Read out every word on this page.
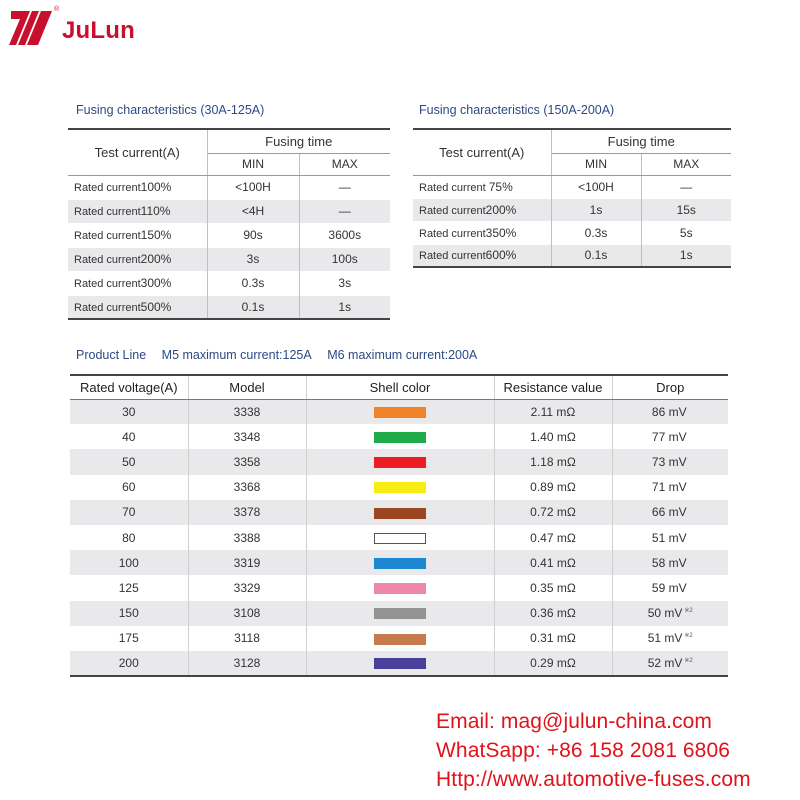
®
JuLun
Fusing characteristics (30A-125A)
Test current(A)	Fusing time	
	MIN	MAX
Rated current100%	<100H	—
Rated current110%	<4H	—
Rated current150%	90s	3600s
Rated current200%	3s	100s
Rated current300%	0.3s	3s
Rated current500%	0.1s	1s
Fusing characteristics (150A-200A)
Test current(A)	Fusing time	
	MIN	MAX
Rated current 75%	<100H	—
Rated current200%	1s	15s
Rated current350%	0.3s	5s
Rated current600%	0.1s	1s
Product Line M5 maximum current:125A M6 maximum current:200A
Rated voltage(A)	Model	Shell color	Resistance value	Drop
30	3338		2.11 mΩ	86 mV
40	3348		1.40 mΩ	77 mV
50	3358		1.18 mΩ	73 mV
60	3368		0.89 mΩ	71 mV
70	3378		0.72 mΩ	66 mV
80	3388		0.47 mΩ	51 mV
100	3319		0.41 mΩ	58 mV
125	3329		0.35 mΩ	59 mV
150	3108		0.36 mΩ	50 mV $^{※2}$
175	3118		0.31 mΩ	51 mV $^{※2}$
200	3128		0.29 mΩ	52 mV $^{※2}$
Email: mag@julun-china.com
WhatSapp: +86 158 2081 6806
Http://www.automotive-fuses.com
